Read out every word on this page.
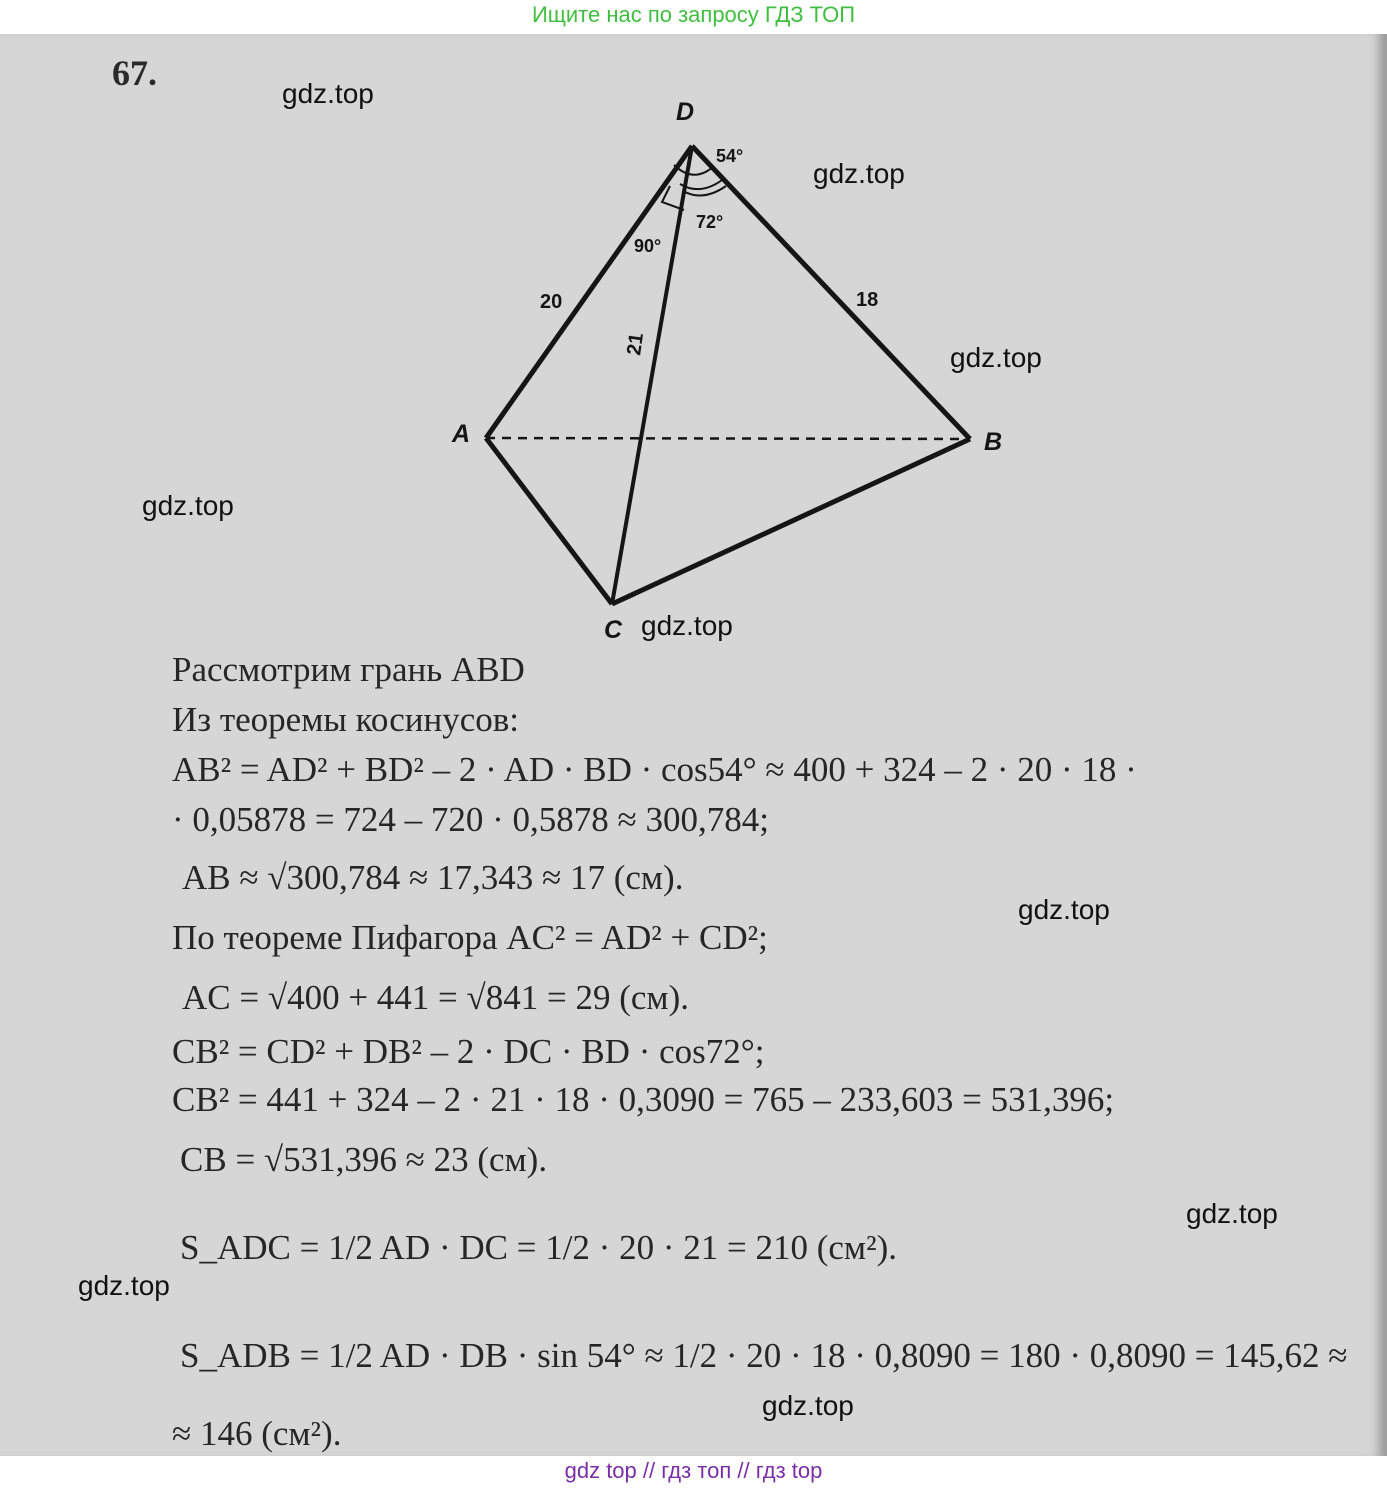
Ищите нас по запросу ГДЗ ТОП
67.
D
A	B
C
54°
72°
90°
20	18
21
gdz.top
gdz.top
gdz.top
gdz.top
gdz.top
gdz.top
gdz.top
gdz.top
gdz.top
Рассмотрим грань ABD
Из теоремы косинусов:
AB² = AD² + BD² – 2 · AD · BD · cos54° ≈ 400 + 324 – 2 · 20 · 18 ·
· 0,05878 = 724 – 720 · 0,5878 ≈ 300,784;
AB ≈ √300,784 ≈ 17,343 ≈ 17 (см).
По теореме Пифагора AC² = AD² + CD²;
AC = √400 + 441 = √841 = 29 (см).
CB² = CD² + DB² – 2 · DC · BD · cos72°;
CB² = 441 + 324 – 2 · 21 · 18 · 0,3090 = 765 – 233,603 = 531,396;
CB = √531,396 ≈ 23 (см).
S_ADC = 1/2 AD · DC = 1/2 · 20 · 21 = 210 (см²).
S_ADB = 1/2 AD · DB · sin 54° ≈ 1/2 · 20 · 18 · 0,8090 = 180 · 0,8090 = 145,62 ≈
≈ 146 (см²).
gdz top // гдз топ // гдз top
